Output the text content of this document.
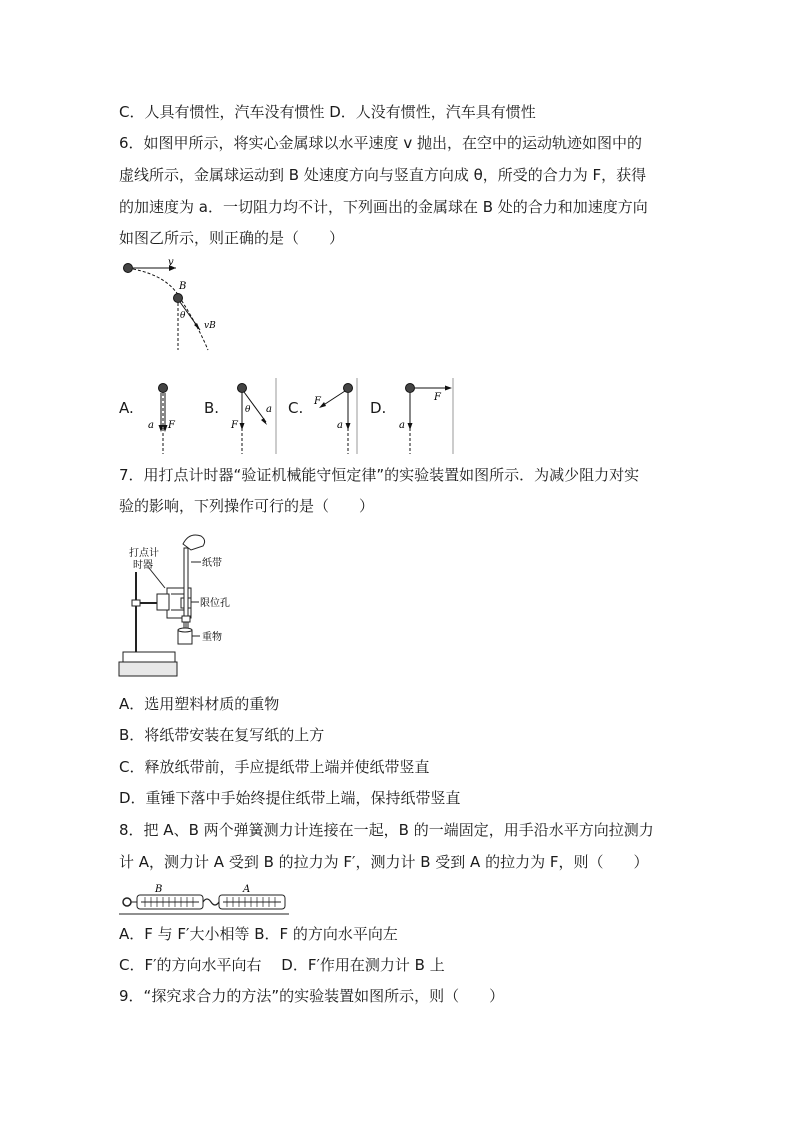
C．人具有惯性，汽车没有惯性 D．人没有惯性，汽车具有惯性
6．如图甲所示，将实心金属球以水平速度 v 抛出，在空中的运动轨迹如图中的
虚线所示，金属球运动到 B 处速度方向与竖直方向成 θ，所受的合力为 F，获得
的加速度为 a．一切阻力均不计，下列画出的金属球在 B 处的合力和加速度方向
如图乙所示，则正确的是（　　）
v
B
θ
vB
A.
a F
B.	θ a
F
C. F
a
D.
F
a
7．用打点计时器“验证机械能守恒定律”的实验装置如图所示．为减少阻力对实
验的影响，下列操作可行的是（　　）
打点计
时器	纸带
限位孔
重物
A．选用塑料材质的重物
B．将纸带安装在复写纸的上方
C．释放纸带前，手应提纸带上端并使纸带竖直
D．重锤下落中手始终提住纸带上端，保持纸带竖直
8．把 A、B 两个弹簧测力计连接在一起，B 的一端固定，用手沿水平方向拉测力
计 A，测力计 A 受到 B 的拉力为 F′，测力计 B 受到 A 的拉力为 F，则（　　）
B	A
A．F 与 F′大小相等 B．F 的方向水平向左
C．F′的方向水平向右　 D．F′作用在测力计 B 上
9．“探究求合力的方法”的实验装置如图所示，则（　　）
